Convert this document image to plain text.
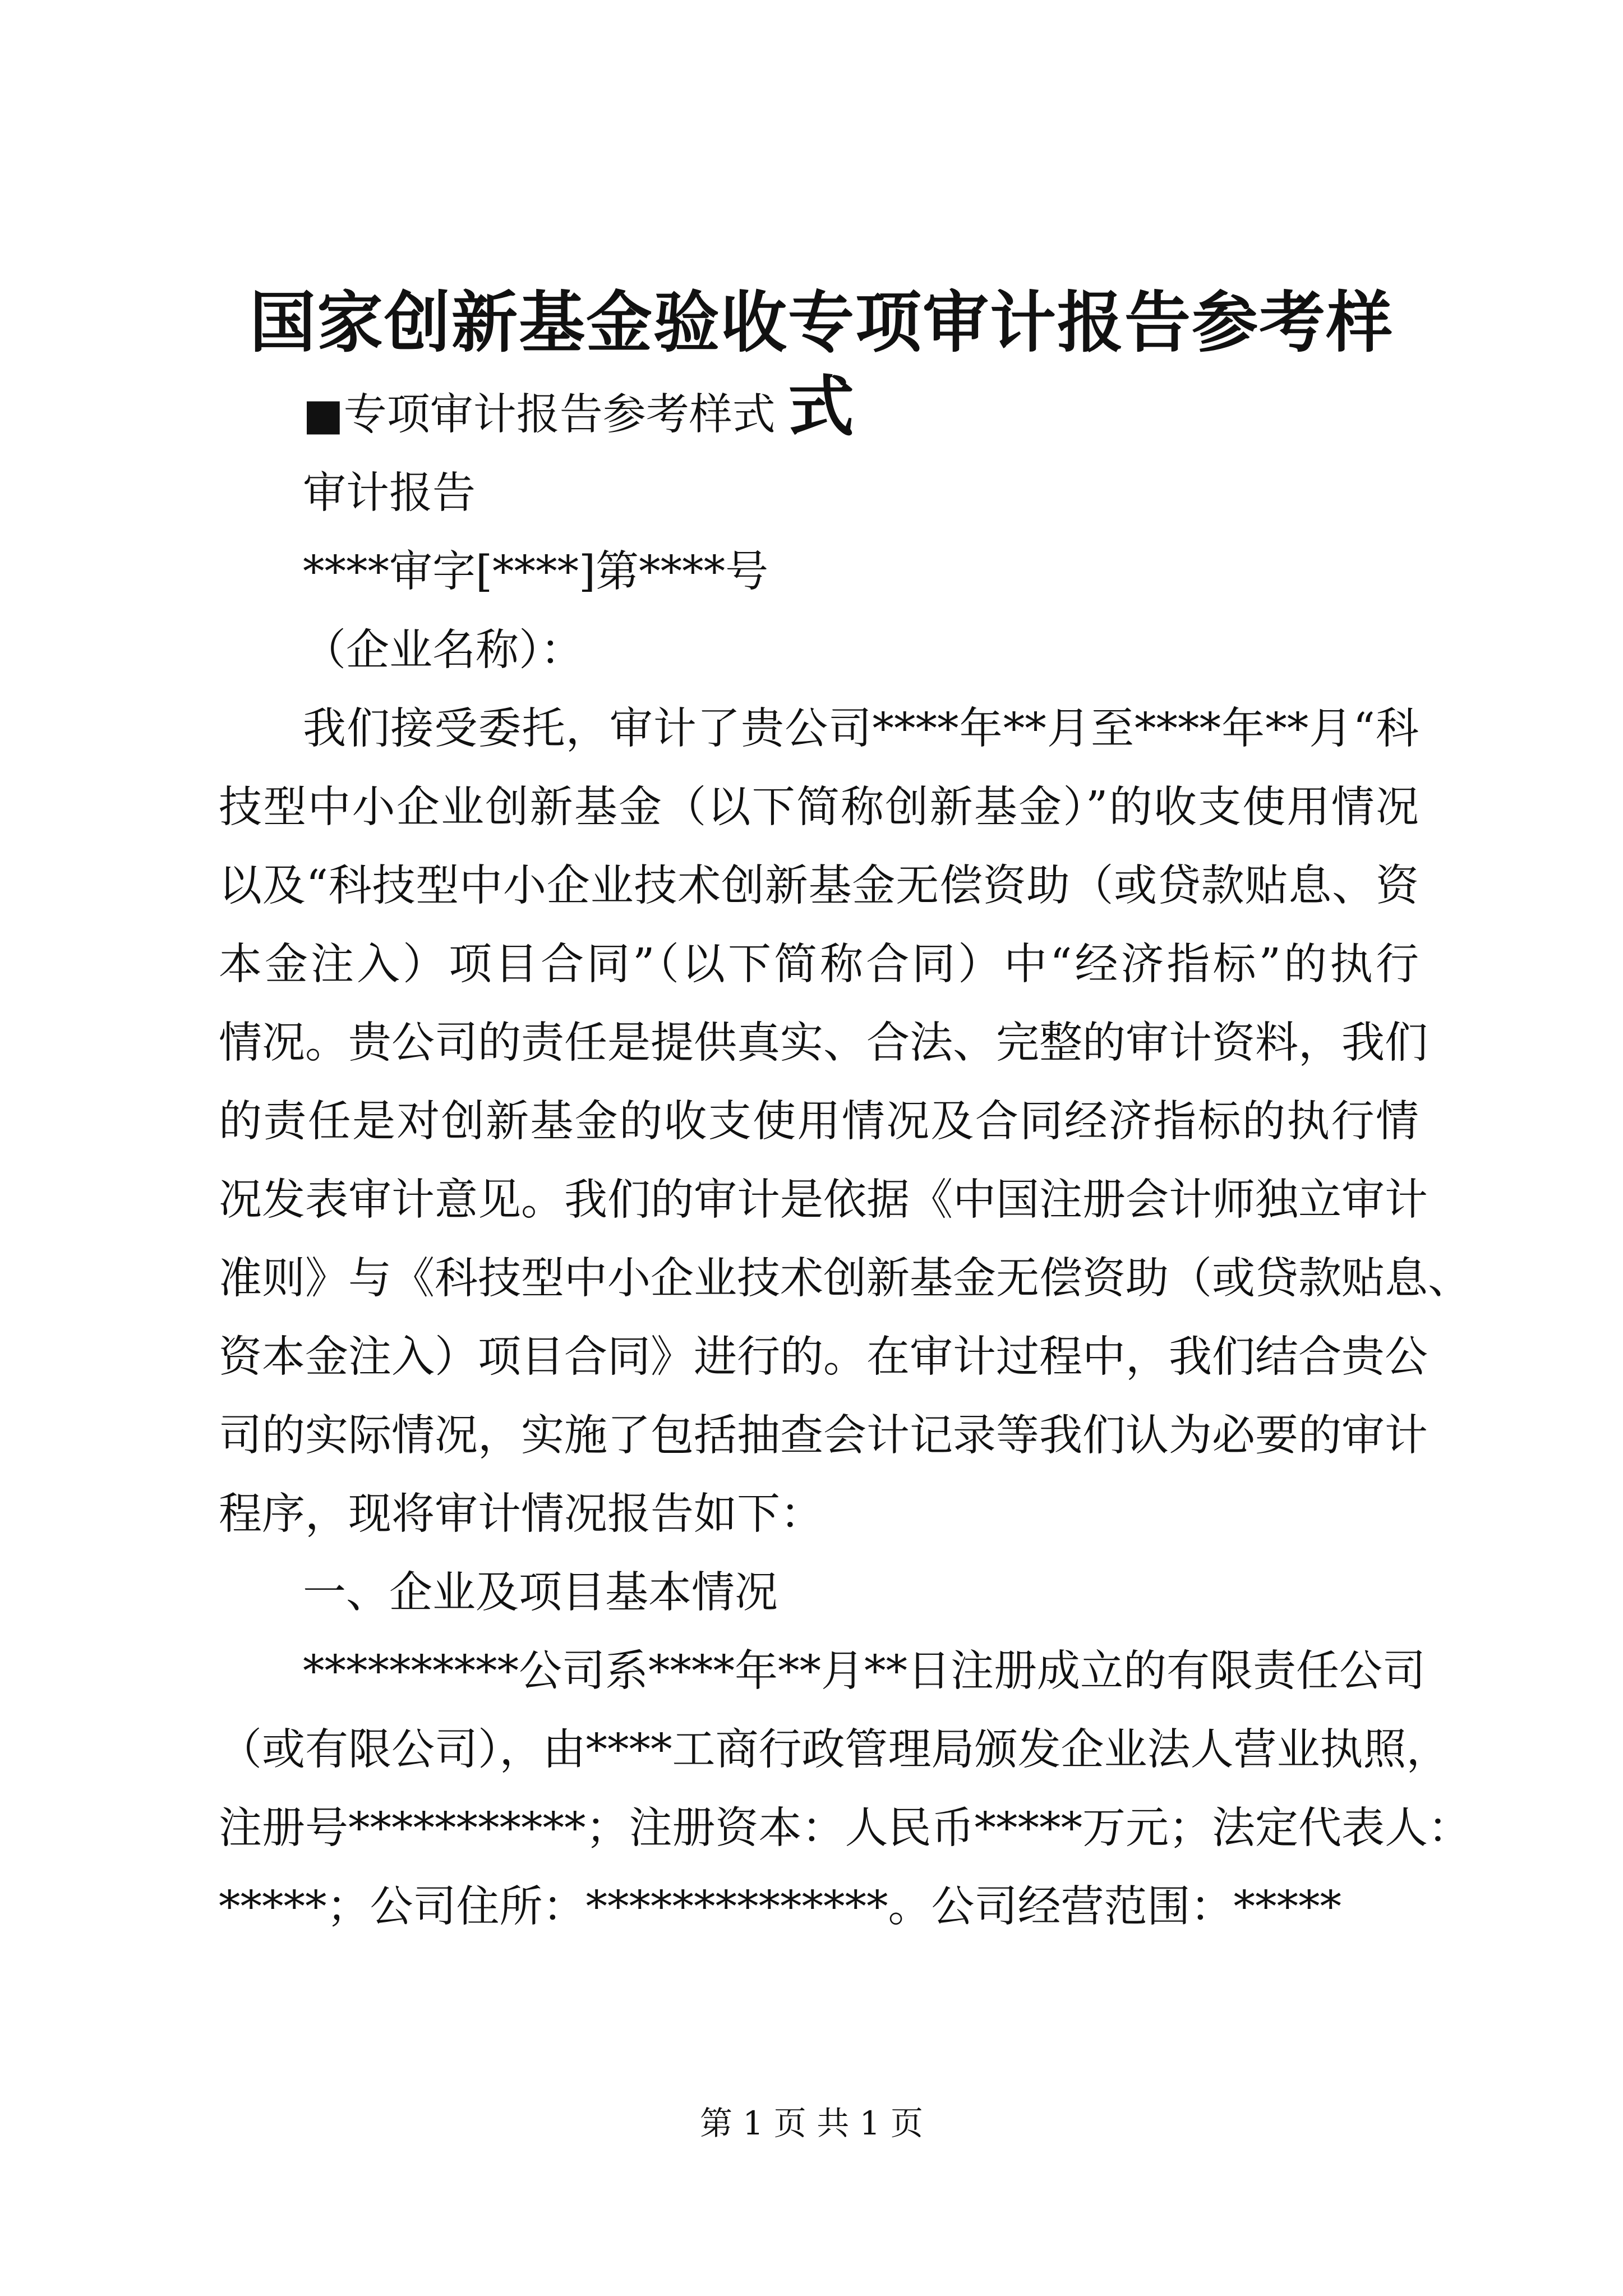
国家创新基金验收专项审计报告参考样式

■专项审计报告参考样式

审计报告

****审字[****]第****号

（企业名称）：

我们接受委托，审计了贵公司****年**月至****年**月“科

技型中小企业创新基金（以下简称创新基金）”的收支使用情况

以及“科技型中小企业技术创新基金无偿资助（或贷款贴息、资

本金注入）项目合同”（以下简称合同）中“经济指标”的执行

情况。贵公司的责任是提供真实、合法、完整的审计资料，我们

的责任是对创新基金的收支使用情况及合同经济指标的执行情

况发表审计意见。我们的审计是依据《中国注册会计师独立审计

准则》与《科技型中小企业技术创新基金无偿资助（或贷款贴息、

资本金注入）项目合同》进行的。在审计过程中，我们结合贵公

司的实际情况，实施了包括抽查会计记录等我们认为必要的审计

程序，现将审计情况报告如下：

一、企业及项目基本情况

**********公司系****年**月**日注册成立的有限责任公司

（或有限公司），由****工商行政管理局颁发企业法人营业执照，

注册号***********；注册资本：人民币*****万元；法定代表人：

*****；公司住所：**************。公司经营范围：*****

第 1 页 共 1 页
